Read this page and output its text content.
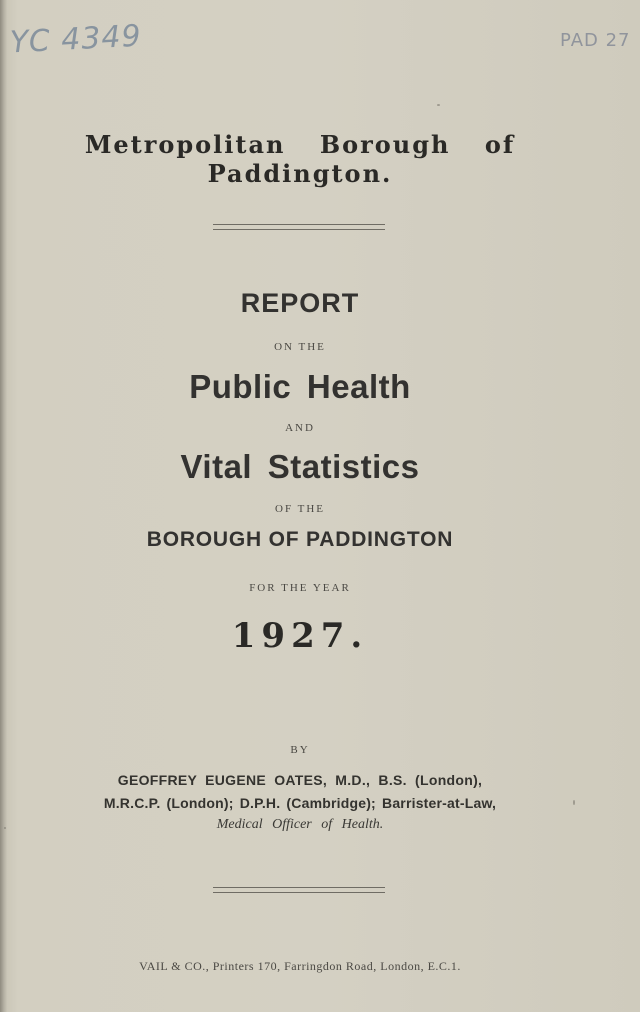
YC 4349	PAD 27
Metropolitan Borough of Paddington.
REPORT
ON THE
Public Health
AND
Vital Statistics
OF THE
BOROUGH OF PADDINGTON
FOR THE YEAR
1927.
BY
GEOFFREY EUGENE OATES, M.D., B.S. (London),
M.R.C.P. (London); D.P.H. (Cambridge); Barrister-at-Law,
Medical Officer of Health.
VAIL & CO., Printers 170, Farringdon Road, London, E.C.1.
